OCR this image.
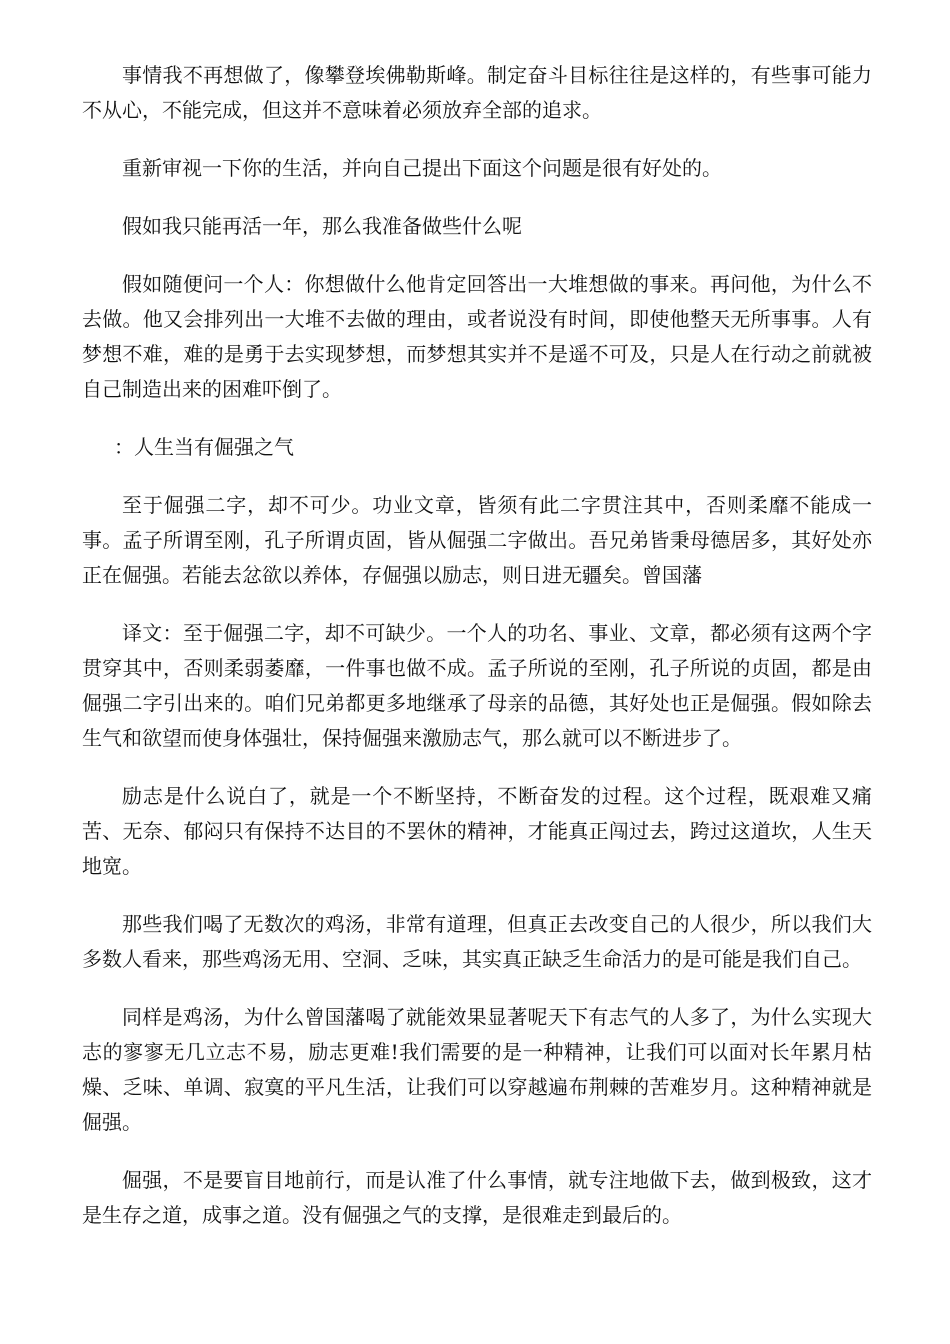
事情我不再想做了，像攀登埃佛勒斯峰。制定奋斗目标往往是这样的，有些事可能力不从心，不能完成，但这并不意味着必须放弃全部的追求。

重新审视一下你的生活，并向自己提出下面这个问题是很有好处的。

假如我只能再活一年，那么我准备做些什么呢

假如随便问一个人：你想做什么他肯定回答出一大堆想做的事来。再问他，为什么不去做。他又会排列出一大堆不去做的理由，或者说没有时间，即使他整天无所事事。人有梦想不难，难的是勇于去实现梦想，而梦想其实并不是遥不可及，只是人在行动之前就被自己制造出来的困难吓倒了。

：人生当有倔强之气

至于倔强二字，却不可少。功业文章，皆须有此二字贯注其中，否则柔靡不能成一事。孟子所谓至刚，孔子所谓贞固，皆从倔强二字做出。吾兄弟皆秉母德居多，其好处亦正在倔强。若能去忿欲以养体，存倔强以励志，则日进无疆矣。曾国藩

译文：至于倔强二字，却不可缺少。一个人的功名、事业、文章，都必须有这两个字贯穿其中，否则柔弱萎靡，一件事也做不成。孟子所说的至刚，孔子所说的贞固，都是由倔强二字引出来的。咱们兄弟都更多地继承了母亲的品德，其好处也正是倔强。假如除去生气和欲望而使身体强壮，保持倔强来激励志气，那么就可以不断进步了。

励志是什么说白了，就是一个不断坚持，不断奋发的过程。这个过程，既艰难又痛苦、无奈、郁闷只有保持不达目的不罢休的精神，才能真正闯过去，跨过这道坎，人生天地宽。

那些我们喝了无数次的鸡汤，非常有道理，但真正去改变自己的人很少，所以我们大多数人看来，那些鸡汤无用、空洞、乏味，其实真正缺乏生命活力的是可能是我们自己。

同样是鸡汤，为什么曾国藩喝了就能效果显著呢天下有志气的人多了，为什么实现大志的寥寥无几立志不易，励志更难!我们需要的是一种精神，让我们可以面对长年累月枯燥、乏味、单调、寂寞的平凡生活，让我们可以穿越遍布荆棘的苦难岁月。这种精神就是倔强。

倔强，不是要盲目地前行，而是认准了什么事情，就专注地做下去，做到极致，这才是生存之道，成事之道。没有倔强之气的支撑，是很难走到最后的。
